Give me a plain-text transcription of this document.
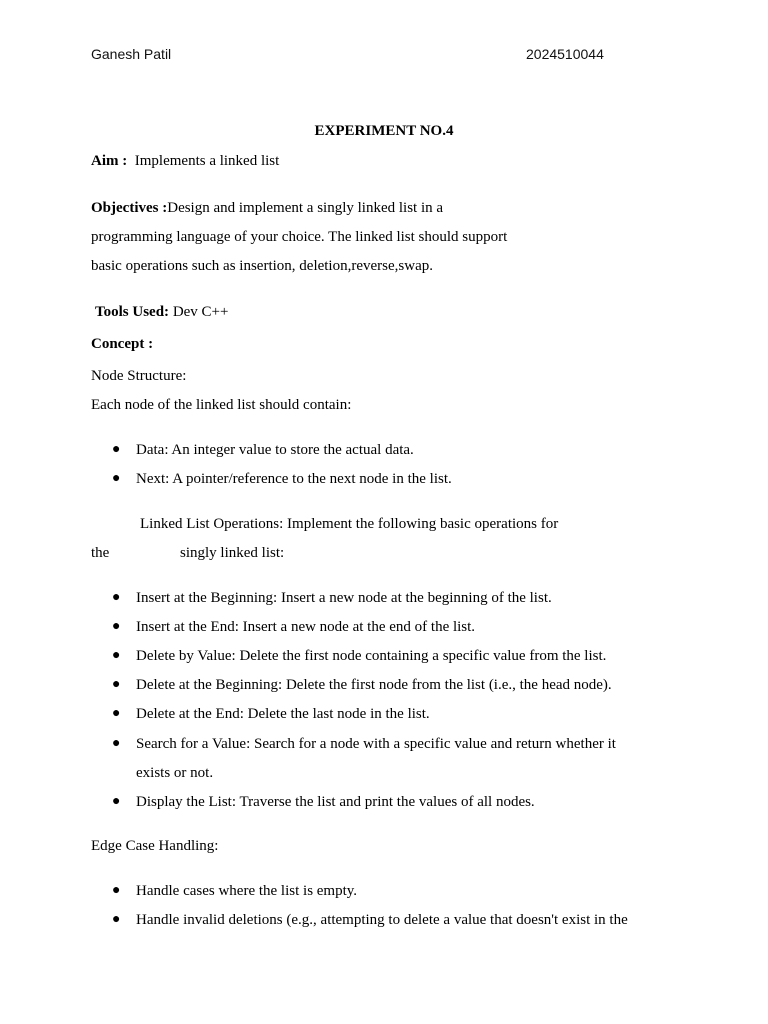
Ganesh Patil	2024510044
EXPERIMENT NO.4
Aim : Implements a linked list
Objectives :Design and implement a singly linked list in a
programming language of your choice. The linked list should support
basic operations such as insertion, deletion,reverse,swap.
Tools Used: Dev C++
Concept :
Node Structure:
Each node of the linked list should contain:
● Data: An integer value to store the actual data.
● Next: A pointer/reference to the next node in the list.
Linked List Operations: Implement the following basic operations for
the	singly linked list:
● Insert at the Beginning: Insert a new node at the beginning of the list.
● Insert at the End: Insert a new node at the end of the list.
● Delete by Value: Delete the first node containing a specific value from the list.
● Delete at the Beginning: Delete the first node from the list (i.e., the head node).
● Delete at the End: Delete the last node in the list.
● Search for a Value: Search for a node with a specific value and return whether it
exists or not.
● Display the List: Traverse the list and print the values of all nodes.
Edge Case Handling:
● Handle cases where the list is empty.
● Handle invalid deletions (e.g., attempting to delete a value that doesn't exist in the
